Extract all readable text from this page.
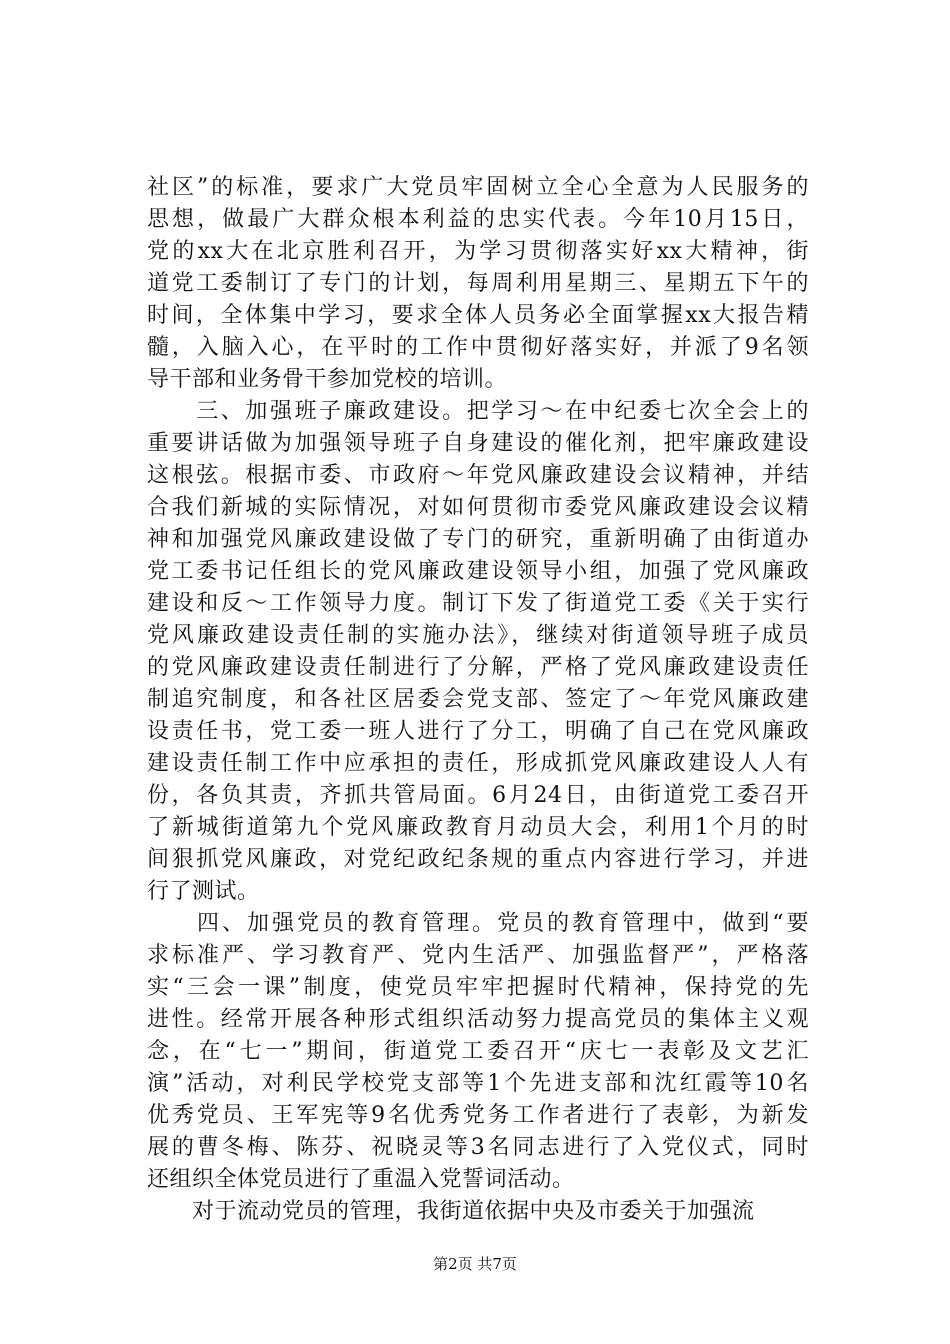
社区”的标准，要求广大党员牢固树立全心全意为人民服务的
思想，做最广大群众根本利益的忠实代表。今年10月15日，
党的xx大在北京胜利召开，为学习贯彻落实好xx大精神，街
道党工委制订了专门的计划，每周利用星期三、星期五下午的
时间，全体集中学习，要求全体人员务必全面掌握xx大报告精
髓，入脑入心，在平时的工作中贯彻好落实好，并派了9名领
导干部和业务骨干参加党校的培训。
　　三、加强班子廉政建设。把学习～在中纪委七次全会上的
重要讲话做为加强领导班子自身建设的催化剂，把牢廉政建设
这根弦。根据市委、市政府～年党风廉政建设会议精神，并结
合我们新城的实际情况，对如何贯彻市委党风廉政建设会议精
神和加强党风廉政建设做了专门的研究，重新明确了由街道办
党工委书记任组长的党风廉政建设领导小组，加强了党风廉政
建设和反～工作领导力度。制订下发了街道党工委《关于实行
党风廉政建设责任制的实施办法》，继续对街道领导班子成员
的党风廉政建设责任制进行了分解，严格了党风廉政建设责任
制追究制度，和各社区居委会党支部、签定了～年党风廉政建
设责任书，党工委一班人进行了分工，明确了自己在党风廉政
建设责任制工作中应承担的责任，形成抓党风廉政建设人人有
份，各负其责，齐抓共管局面。6月24日，由街道党工委召开
了新城街道第九个党风廉政教育月动员大会，利用1个月的时
间狠抓党风廉政，对党纪政纪条规的重点内容进行学习，并进
行了测试。
　　四、加强党员的教育管理。党员的教育管理中，做到“要
求标准严、学习教育严、党内生活严、加强监督严”，严格落
实“三会一课”制度，使党员牢牢把握时代精神，保持党的先
进性。经常开展各种形式组织活动努力提高党员的集体主义观
念，在“七一”期间，街道党工委召开“庆七一表彰及文艺汇
演”活动，对利民学校党支部等1个先进支部和沈红霞等10名
优秀党员、王军宪等9名优秀党务工作者进行了表彰，为新发
展的曹冬梅、陈芬、祝晓灵等3名同志进行了入党仪式，同时
还组织全体党员进行了重温入党誓词活动。
　　对于流动党员的管理，我街道依据中央及市委关于加强流
第2页 共7页
